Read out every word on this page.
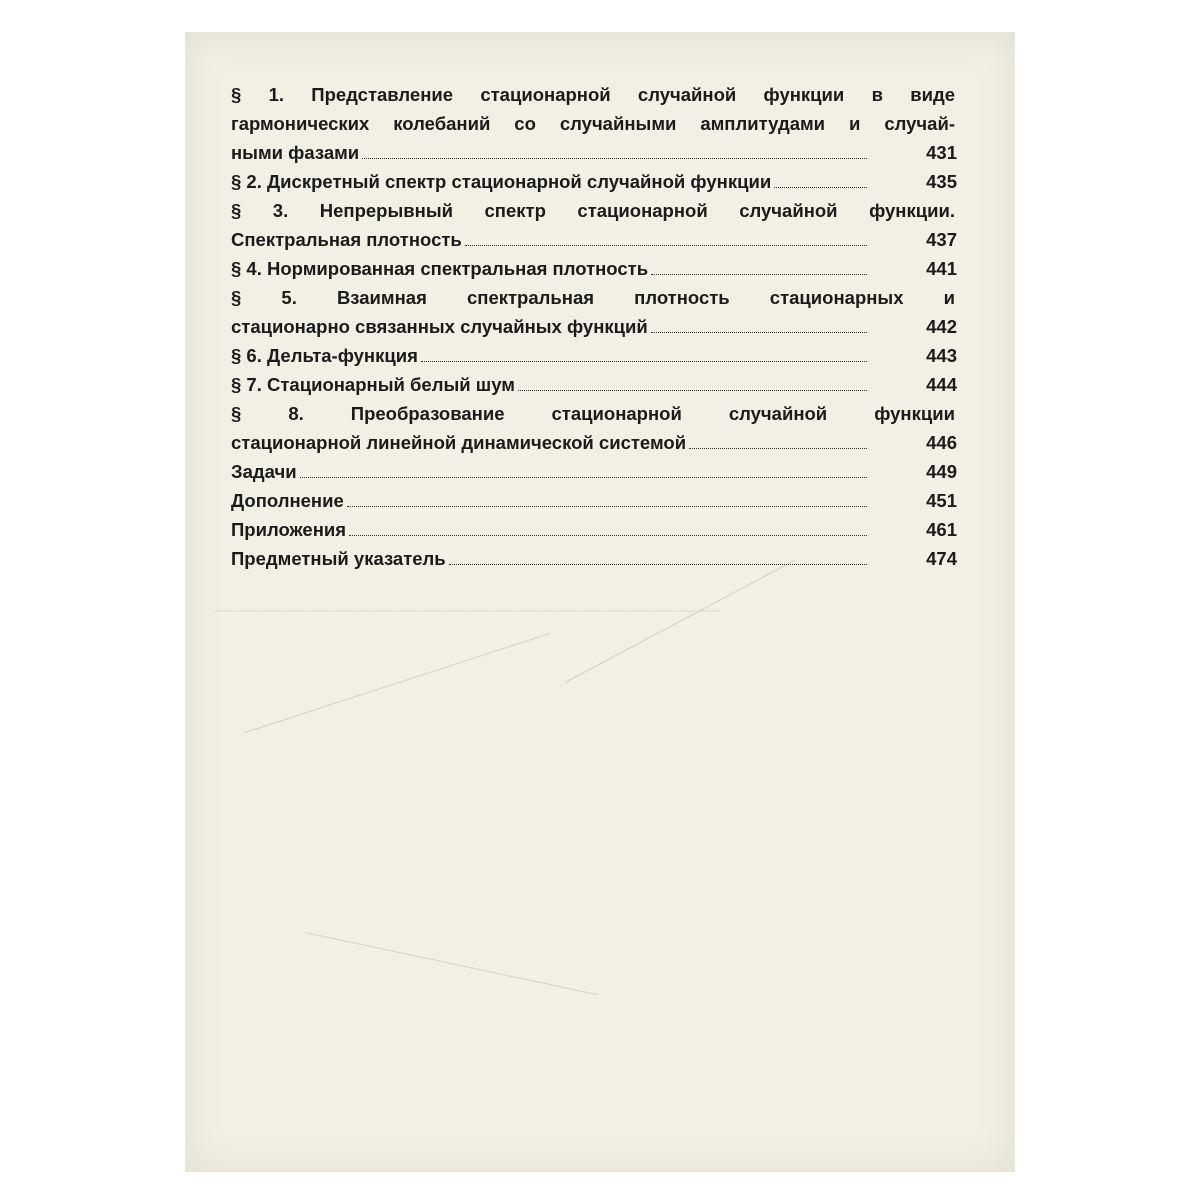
——————————————————————
§ 1. Представление стационарной случайной функции в виде
гармонических колебаний со случайными амплитудами и случай-
ными фазами	431
§ 2. Дискретный спектр стационарной случайной функции	435
§ 3. Непрерывный спектр стационарной случайной функции.
Спектральная плотность	437
§ 4. Нормированная спектральная плотность	441
§ 5. Взаимная спектральная плотность стационарных и
стационарно связанных случайных функций	442
§ 6. Дельта-функция	443
§ 7. Стационарный белый шум	444
§ 8. Преобразование стационарной случайной функции
стационарной линейной динамической системой	446
Задачи	449
Дополнение	451
Приложения	461
Предметный указатель	474
